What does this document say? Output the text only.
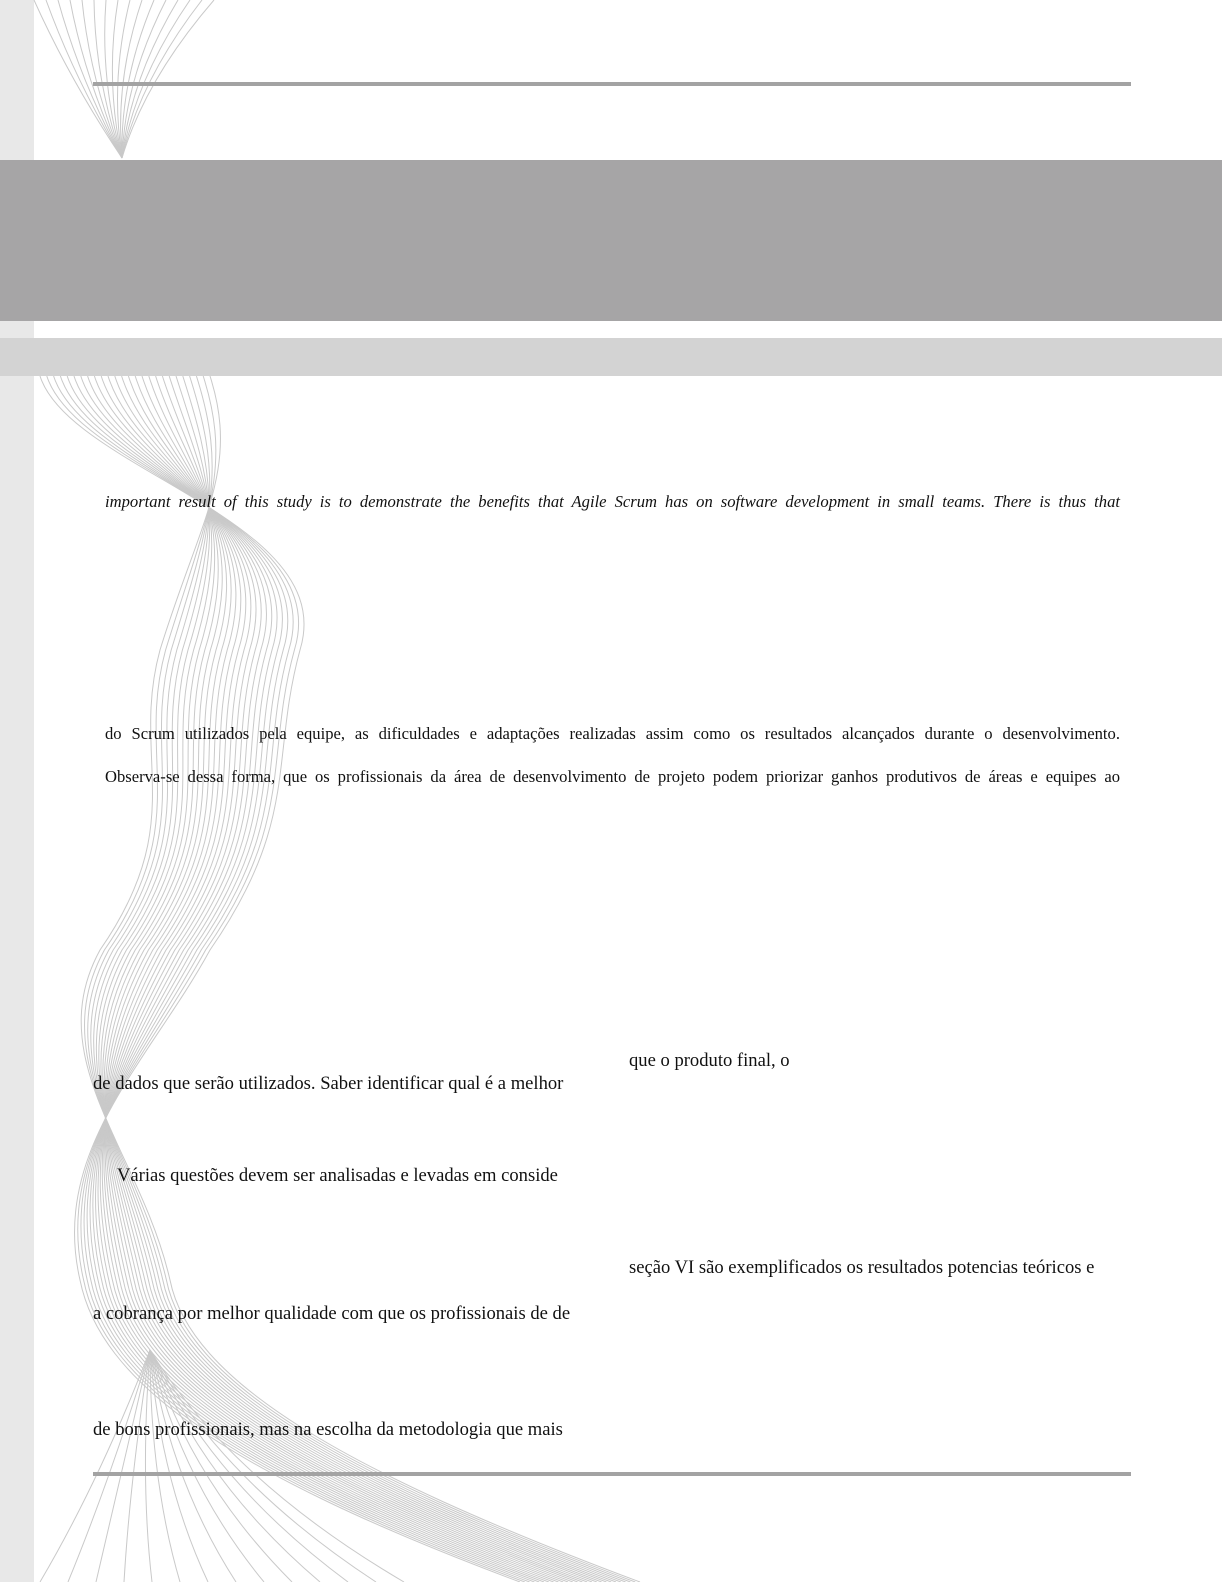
important result of this study is to demonstrate the benefits that Agile Scrum has on software development in small teams. There is thus that

do Scrum utilizados pela equipe, as dificuldades e adaptações realizadas assim como os resultados alcançados durante o desenvolvimento.

Observa-se dessa forma, que os profissionais da área de desenvolvimento de projeto podem priorizar ganhos produtivos de áreas e equipes ao

de dados que serão utilizados. Saber identificar qual é a melhor

Várias questões devem ser analisadas e levadas em conside

a cobrança por melhor qualidade com que os profissionais de de

de bons profissionais, mas na escolha da metodologia que mais

que o produto final, o

seção VI são exemplificados os resultados potencias teóricos e
